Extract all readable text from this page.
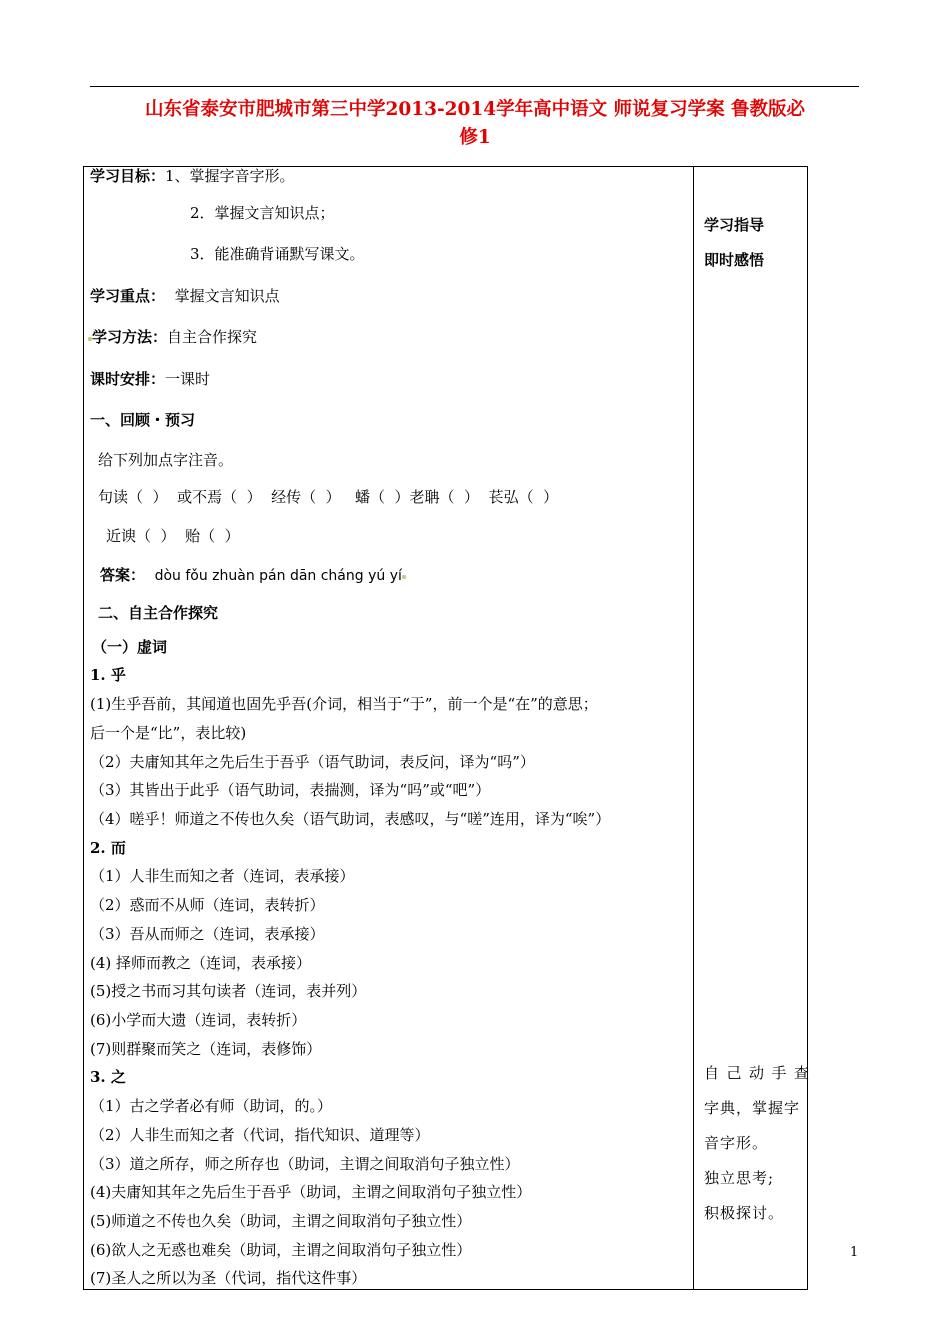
山东省泰安市肥城市第三中学2013-2014学年高中语文 师说复习学案 鲁教版必
修1
学习目标：1、掌握字音字形。
2．掌握文言知识点；
3．能准确背诵默写课文。
学习重点： 掌握文言知识点
学习方法：自主合作探究
课时安排：一课时
一、回顾・预习
给下列加点字注音。
句读（  ）  或不焉（  ）  经传（  ）   蟠（  ）老聃（  ）  苌弘（  ）
近谀（  ）  贻（  ）
答案： dòu fǒu zhuàn pán dān cháng yú yí
二、自主合作探究
（一）虚词
1. 乎
(1)生乎吾前，其闻道也固先乎吾(介词，相当于“于”，前一个是“在”的意思；
后一个是“比”，表比较)
（2）夫庸知其年之先后生于吾乎（语气助词，表反问，译为“吗”）
（3）其皆出于此乎（语气助词，表揣测，译为“吗”或“吧”）
（4）嗟乎！师道之不传也久矣（语气助词，表感叹，与“嗟”连用，译为“唉”）
2. 而
（1）人非生而知之者（连词，表承接）
（2）惑而不从师（连词，表转折）
（3）吾从而师之（连词，表承接）
(4) 择师而教之（连词，表承接）
(5)授之书而习其句读者（连词，表并列）
(6)小学而大遗（连词，表转折）
(7)则群聚而笑之（连词，表修饰）
3. 之
（1）古之学者必有师（助词，的。）
（2）人非生而知之者（代词，指代知识、道理等）
（3）道之所存，师之所存也（助词，主谓之间取消句子独立性）
(4)夫庸知其年之先后生于吾乎（助词，主谓之间取消句子独立性）
(5)师道之不传也久矣（助词，主谓之间取消句子独立性）
(6)欲人之无惑也难矣（助词，主谓之间取消句子独立性）
(7)圣人之所以为圣（代词，指代这件事）
学习指导
即时感悟
自己动手查
字典，掌握字
音字形。
独立思考;
积极探讨。
1
